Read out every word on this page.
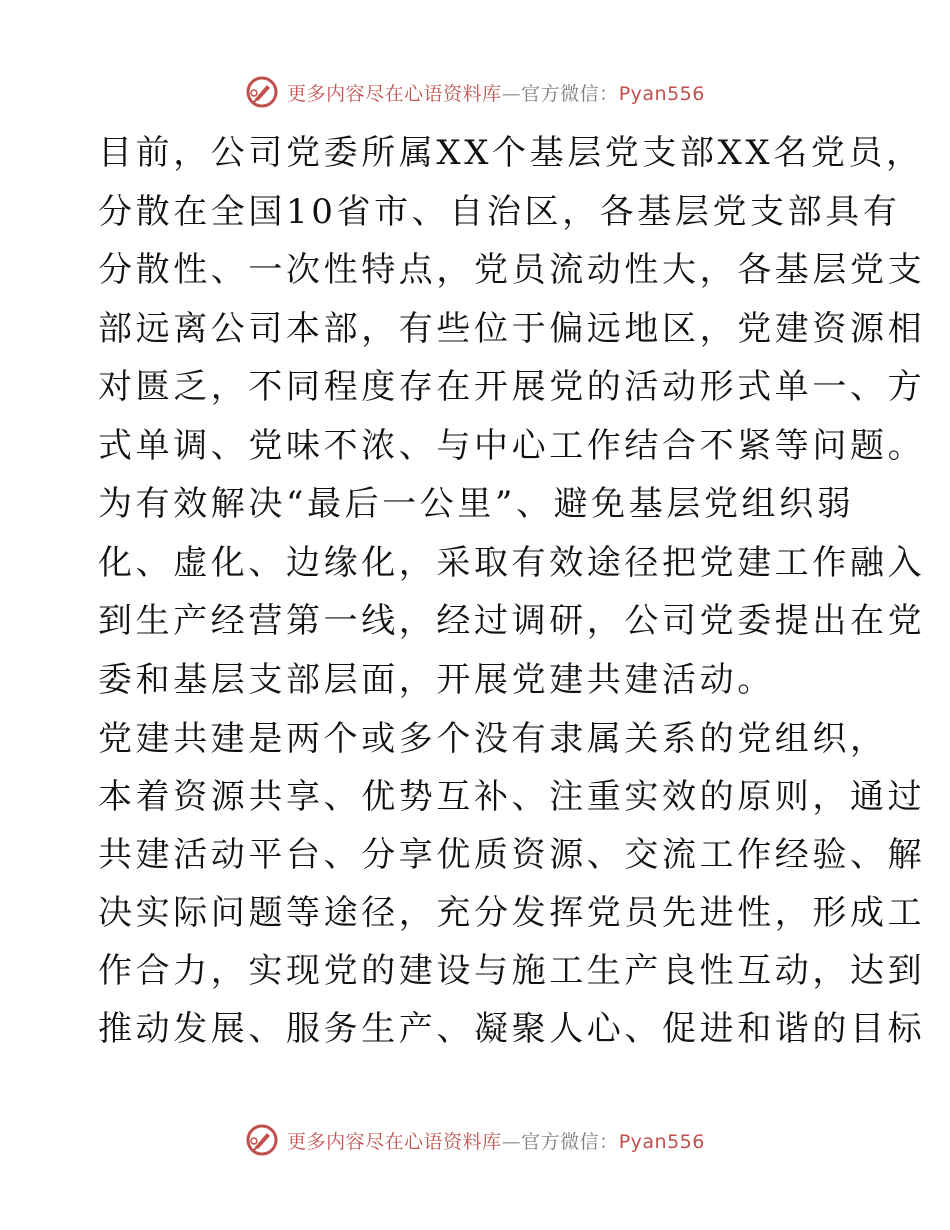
更多内容尽在心语资料库—官方微信：Pyan556
目前，公司党委所属XX个基层党支部XX名党员，
分散在全国10省市、自治区，各基层党支部具有
分散性、一次性特点，党员流动性大，各基层党支
部远离公司本部，有些位于偏远地区，党建资源相
对匮乏，不同程度存在开展党的活动形式单一、方
式单调、党味不浓、与中心工作结合不紧等问题。
为有效解决“最后一公里”、避免基层党组织弱
化、虚化、边缘化，采取有效途径把党建工作融入
到生产经营第一线，经过调研，公司党委提出在党
委和基层支部层面，开展党建共建活动。
党建共建是两个或多个没有隶属关系的党组织，
本着资源共享、优势互补、注重实效的原则，通过
共建活动平台、分享优质资源、交流工作经验、解
决实际问题等途径，充分发挥党员先进性，形成工
作合力，实现党的建设与施工生产良性互动，达到
推动发展、服务生产、凝聚人心、促进和谐的目标
更多内容尽在心语资料库—官方微信：Pyan556
